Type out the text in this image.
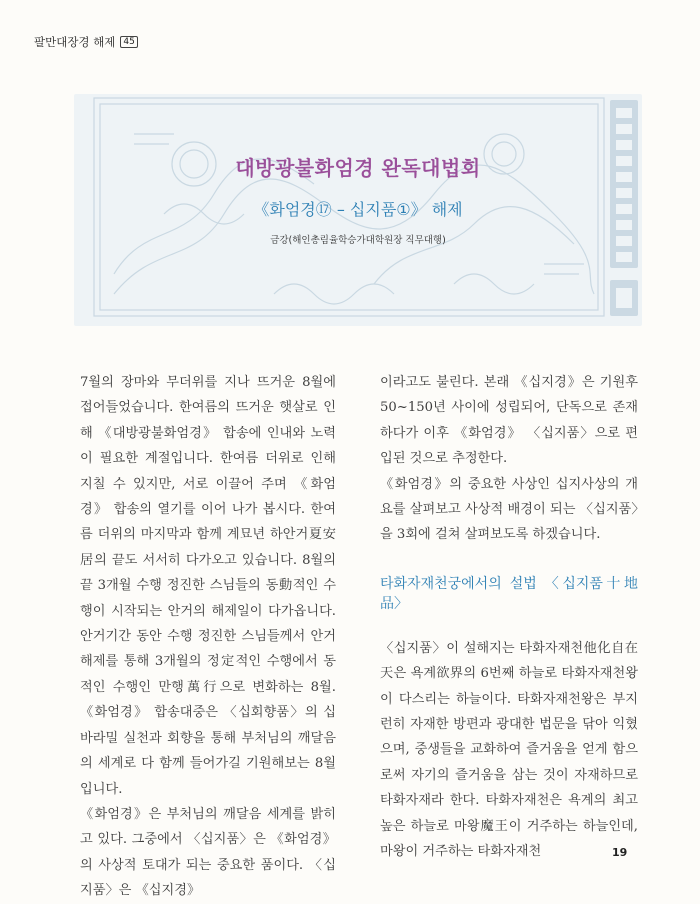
팔만대장경 해제 45
대방광불화엄경 완독대법회
《화엄경⑰ – 십지품①》 해제
금강(해인총림율학승가대학원장 직무대행)

7월의 장마와 무더위를 지나 뜨거운 8월에 접어들었습니다. 한여름의 뜨거운 햇살로 인해 《대방광불화엄경》 합송에 인내와 노력이 필요한 계절입니다. 한여름 더위로 인해 지칠 수 있지만, 서로 이끌어 주며 《화엄경》 합송의 열기를 이어 나가 봅시다. 한여름 더위의 마지막과 함께 계묘년 하안거夏安居의 끝도 서서히 다가오고 있습니다. 8월의 끝 3개월 수행 정진한 스님들의 동動적인 수행이 시작되는 안거의 해제일이 다가옵니다. 안거기간 동안 수행 정진한 스님들께서 안거 해제를 통해 3개월의 정定적인 수행에서 동적인 수행인 만행萬行으로 변화하는 8월. 《화엄경》 합송대중은 〈십회향품〉의 십바라밀 실천과 회향을 통해 부처님의 깨달음의 세계로 다 함께 들어가길 기원해보는 8월입니다.

《화엄경》은 부처님의 깨달음 세계를 밝히고 있다. 그중에서 〈십지품〉은 《화엄경》의 사상적 토대가 되는 중요한 품이다. 〈십지품〉은 《십지경》

이라고도 불린다. 본래 《십지경》은 기원후 50~150년 사이에 성립되어, 단독으로 존재하다가 이후 《화엄경》 〈십지품〉으로 편입된 것으로 추정한다.

《화엄경》의 중요한 사상인 십지사상의 개요를 살펴보고 사상적 배경이 되는 〈십지품〉을 3회에 걸쳐 살펴보도록 하겠습니다.

타화자재천궁에서의 설법 〈십지품十地品〉

〈십지품〉이 설해지는 타화자재천他化自在天은 욕계欲界의 6번째 하늘로 타화자재천왕이 다스리는 하늘이다. 타화자재천왕은 부지런히 자재한 방편과 광대한 법문을 닦아 익혔으며, 중생들을 교화하여 즐거움을 얻게 함으로써 자기의 즐거움을 삼는 것이 자재하므로 타화자재라 한다. 타화자재천은 욕계의 최고 높은 하늘로 마왕魔王이 거주하는 하늘인데, 마왕이 거주하는 타화자재천	19
